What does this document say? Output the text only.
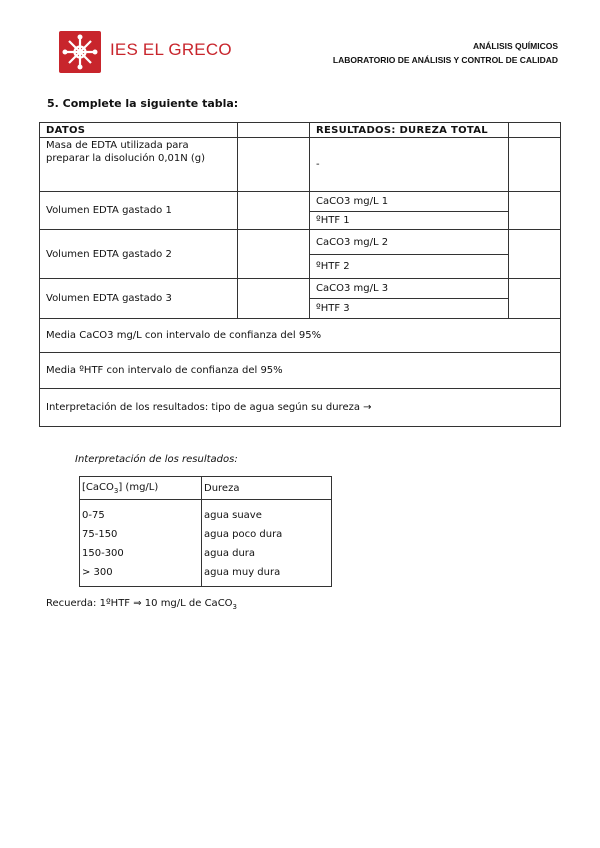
IES EL GRECO	ANÁLISIS QUÍMICOS
LABORATORIO DE ANÁLISIS Y CONTROL DE CALIDAD
5. Complete la siguiente tabla:
DATOS		RESULTADOS: DUREZA TOTAL	
Masa de EDTA utilizada para preparar la disolución 0,01N (g)		-	
Volumen EDTA gastado 1		CaCO3 mg/L 1	
		ºHTF 1	
Volumen EDTA gastado 2		CaCO3 mg/L 2	
		ºHTF 2	
Volumen EDTA gastado 3		CaCO3 mg/L 3	
		ºHTF 3	
Media CaCO3 mg/L con intervalo de confianza del 95%			
Media ºHTF con intervalo de confianza del 95%			
Interpretación de los resultados: tipo de agua según su dureza →			
Interpretación de los resultados:
[CaCO$_3$] (mg/L)	Dureza
0-75	agua suave
75-150	agua poco dura
150-300	agua dura
> 300	agua muy dura
Recuerda: 1ºHTF ⇒ 10 mg/L de CaCO$_3$
